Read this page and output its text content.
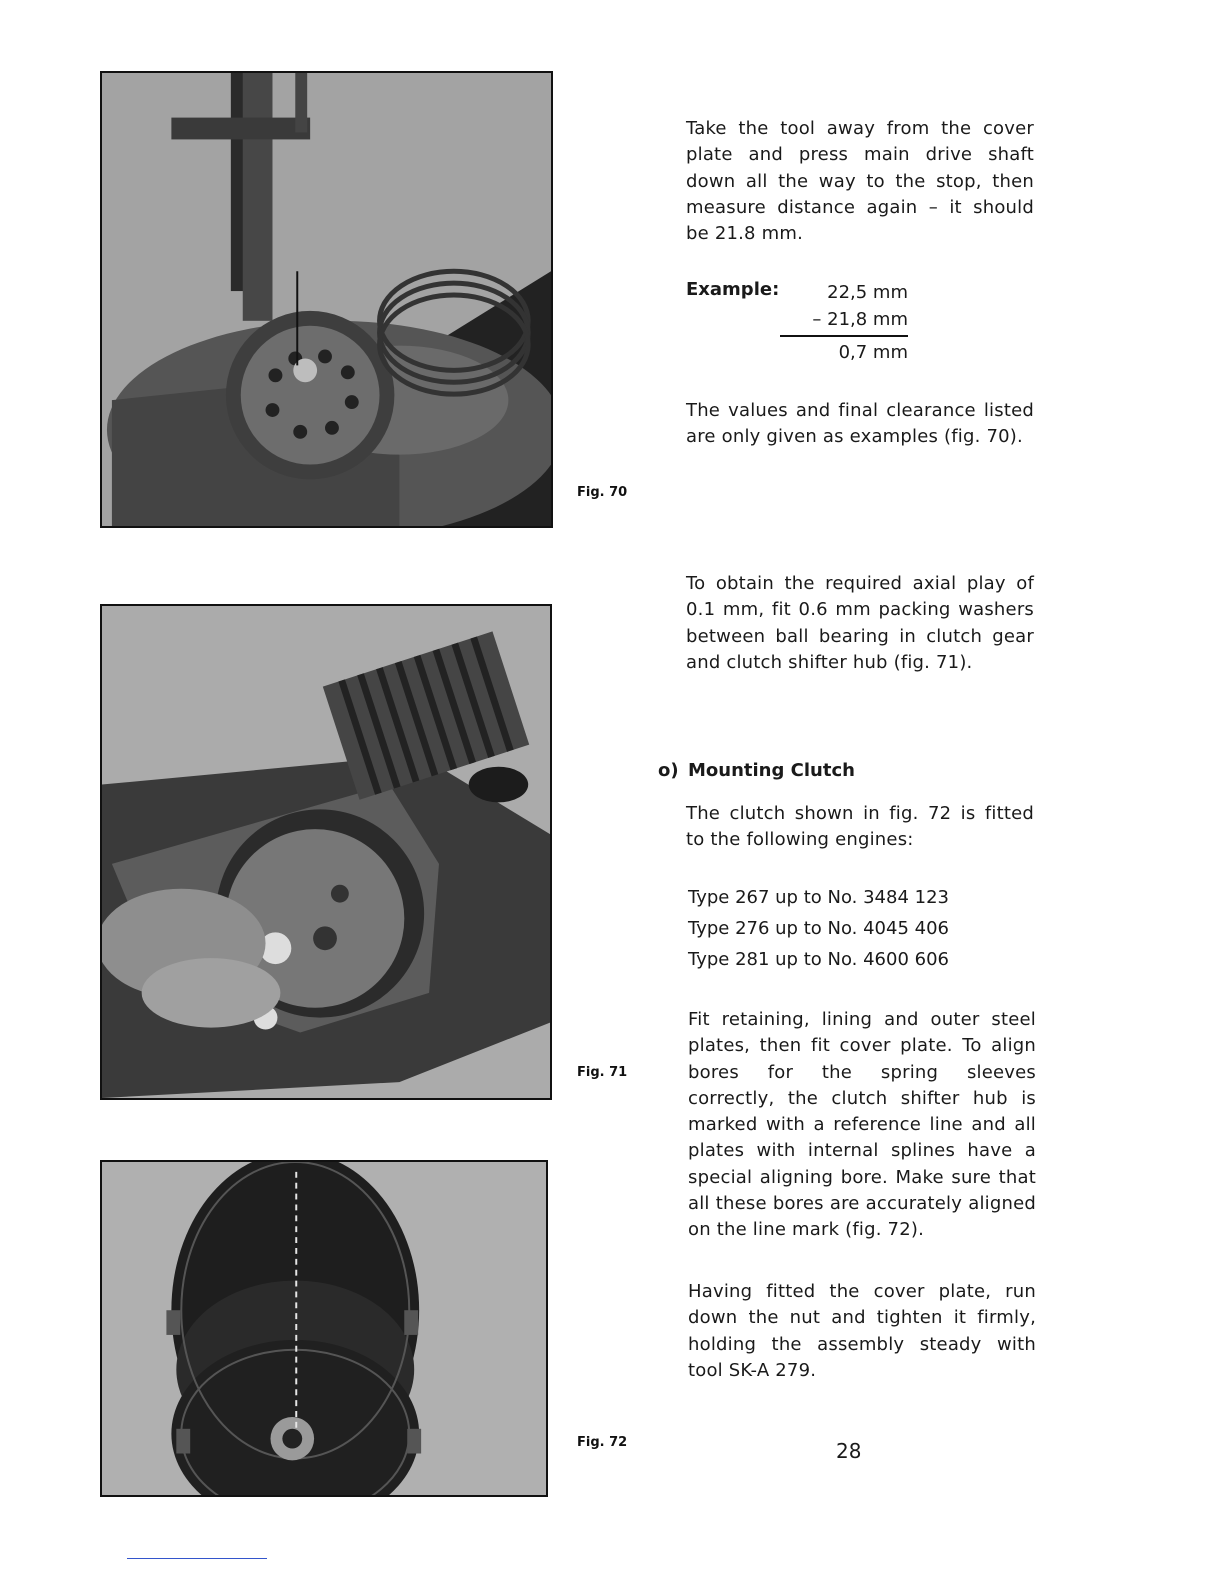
Fig. 70
Fig. 71
Fig. 72

Take the tool away from the cover plate and press main drive shaft down all the way to the stop, then measure distance again – it should be 21.8 mm.

Example:	22,5 mm
– 21,8 mm
0,7 mm

The values and final clearance listed are only given as examples (fig. 70).

To obtain the required axial play of 0.1 mm, fit 0.6 mm packing washers between ball bearing in clutch gear and clutch shifter hub (fig. 71).

o) Mounting Clutch

The clutch shown in fig. 72 is fitted to the following engines:

Type 267 up to No. 3484 123
Type 276 up to No. 4045 406
Type 281 up to No. 4600 606

Fit retaining, lining and outer steel plates, then fit cover plate. To align bores for the spring sleeves correctly, the clutch shifter hub is marked with a reference line and all plates with internal splines have a special aligning bore. Make sure that all these bores are accurately aligned on the line mark (fig. 72).

Having fitted the cover plate, run down the nut and tighten it firmly, holding the assembly steady with tool SK-A 279.

28
